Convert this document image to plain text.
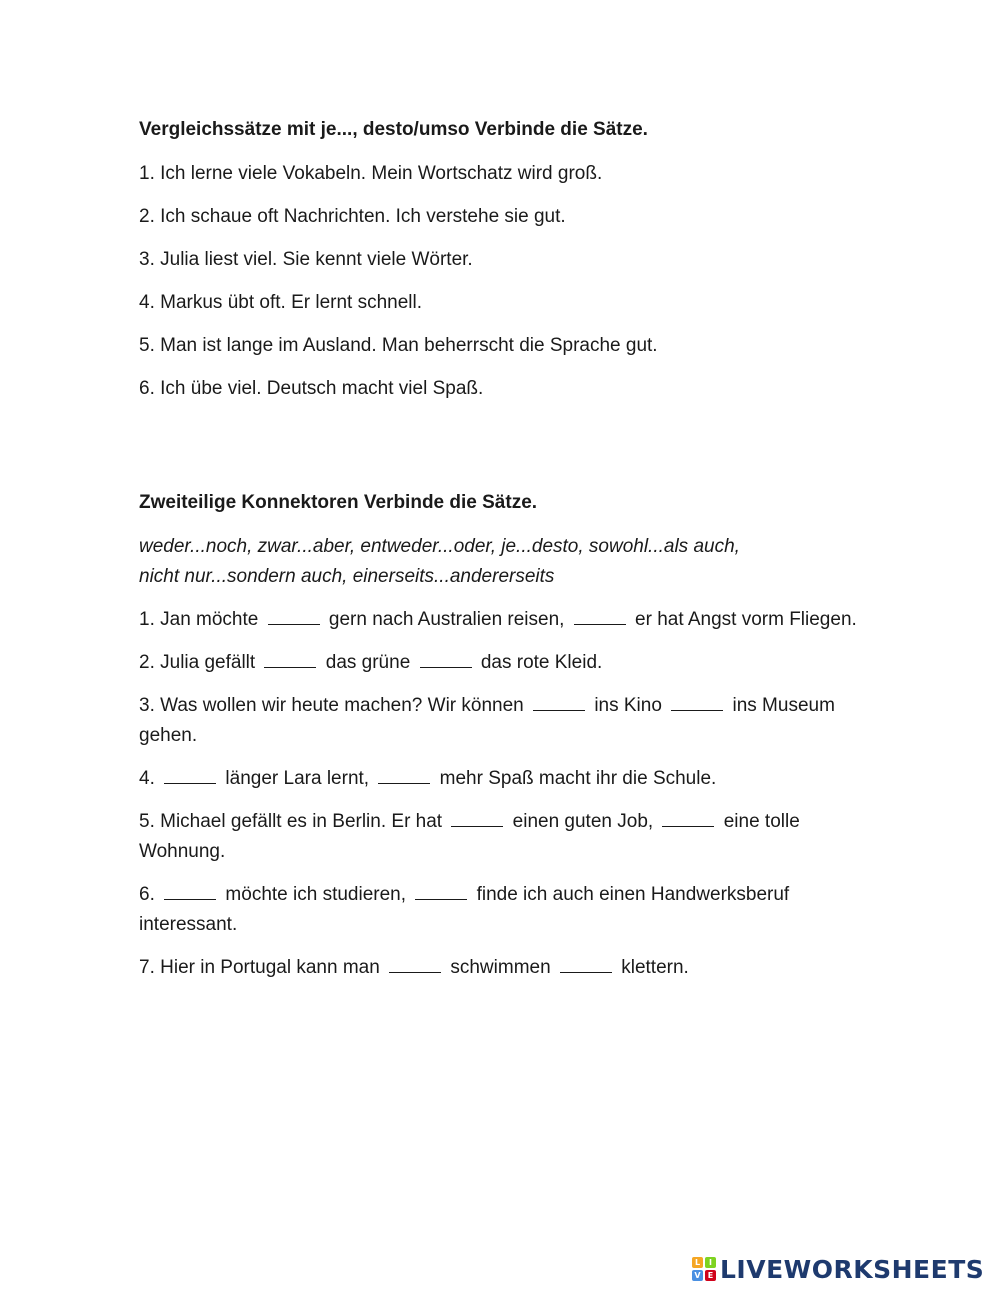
Vergleichssätze mit je..., desto/umso Verbinde die Sätze.
1. Ich lerne viele Vokabeln. Mein Wortschatz wird groß.
2. Ich schaue oft Nachrichten. Ich verstehe sie gut.
3. Julia liest viel. Sie kennt viele Wörter.
4. Markus übt oft. Er lernt schnell.
5. Man ist lange im Ausland. Man beherrscht die Sprache gut.
6. Ich übe viel. Deutsch macht viel Spaß.
Zweiteilige Konnektoren Verbinde die Sätze.
weder...noch, zwar...aber, entweder...oder, je...desto, sowohl...als auch,
nicht nur...sondern auch, einerseits...andererseits
1. Jan möchte	gern nach Australien reisen,	er hat Angst vorm Fliegen.
2. Julia gefällt	das grüne	das rote Kleid.
3. Was wollen wir heute machen? Wir können	ins Kino	ins Museum gehen.
4.	länger Lara lernt,	mehr Spaß macht ihr die Schule.
5. Michael gefällt es in Berlin. Er hat	einen guten Job,	eine tolle Wohnung.
6.	möchte ich studieren,	finde ich auch einen Handwerksberuf interessant.
7. Hier in Portugal kann man	schwimmen	klettern.
L	I
V E LIVEWORKSHEETS
